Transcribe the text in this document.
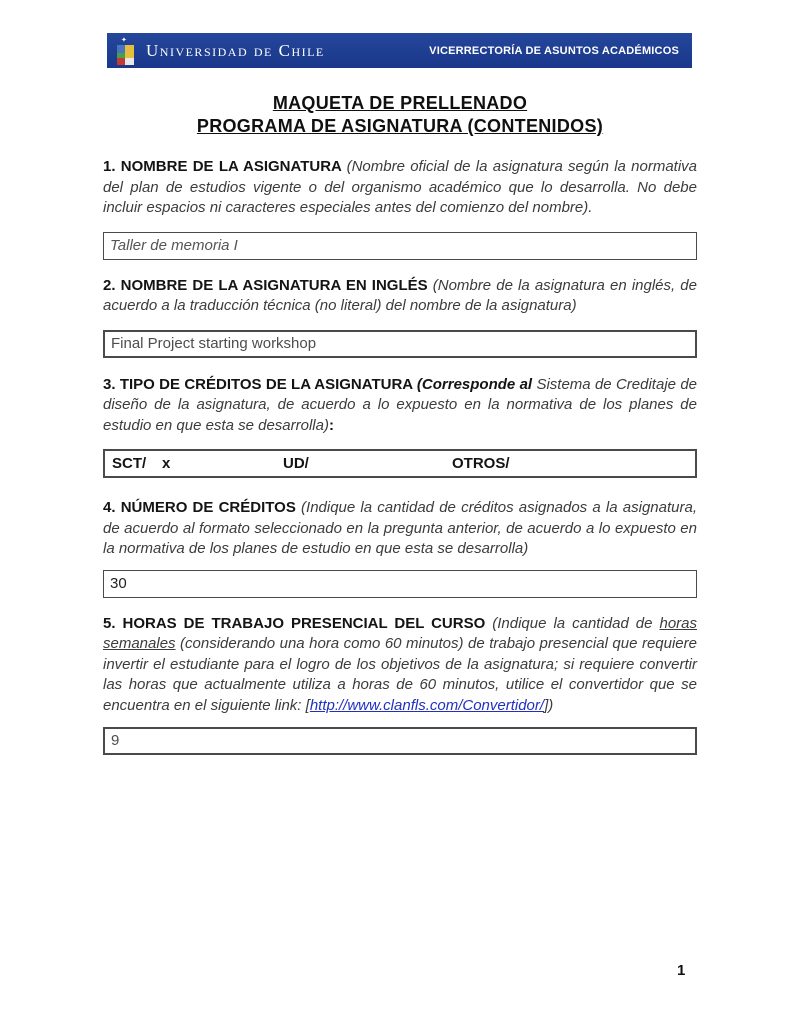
✦
Universidad de Chile	VICERRECTORÍA DE ASUNTOS ACADÉMICOS
MAQUETA DE PRELLENADO
PROGRAMA DE ASIGNATURA (CONTENIDOS)

1. NOMBRE DE LA ASIGNATURA (Nombre oficial de la asignatura según la normativa del plan de estudios vigente o del organismo académico que lo desarrolla. No debe incluir espacios ni caracteres especiales antes del comienzo del nombre).

Taller de memoria I

2. NOMBRE DE LA ASIGNATURA EN INGLÉS (Nombre de la asignatura en inglés, de acuerdo a la traducción técnica (no literal) del nombre de la asignatura)

Final Project starting workshop

3. TIPO DE CRÉDITOS DE LA ASIGNATURA (Corresponde al Sistema de Creditaje de diseño de la asignatura, de acuerdo a lo expuesto en la normativa de los planes de estudio en que esta se desarrolla):

SCT/ x	UD/	OTROS/

4. NÚMERO DE CRÉDITOS (Indique la cantidad de créditos asignados a la asignatura, de acuerdo al formato seleccionado en la pregunta anterior, de acuerdo a lo expuesto en la normativa de los planes de estudio en que esta se desarrolla)

30

5. HORAS DE TRABAJO PRESENCIAL DEL CURSO (Indique la cantidad de horas semanales (considerando una hora como 60 minutos) de trabajo presencial que requiere invertir el estudiante para el logro de los objetivos de la asignatura; si requiere convertir las horas que actualmente utiliza a horas de 60 minutos, utilice el convertidor que se encuentra en el siguiente link: [http://www.clanfls.com/Convertidor/])

9
1
